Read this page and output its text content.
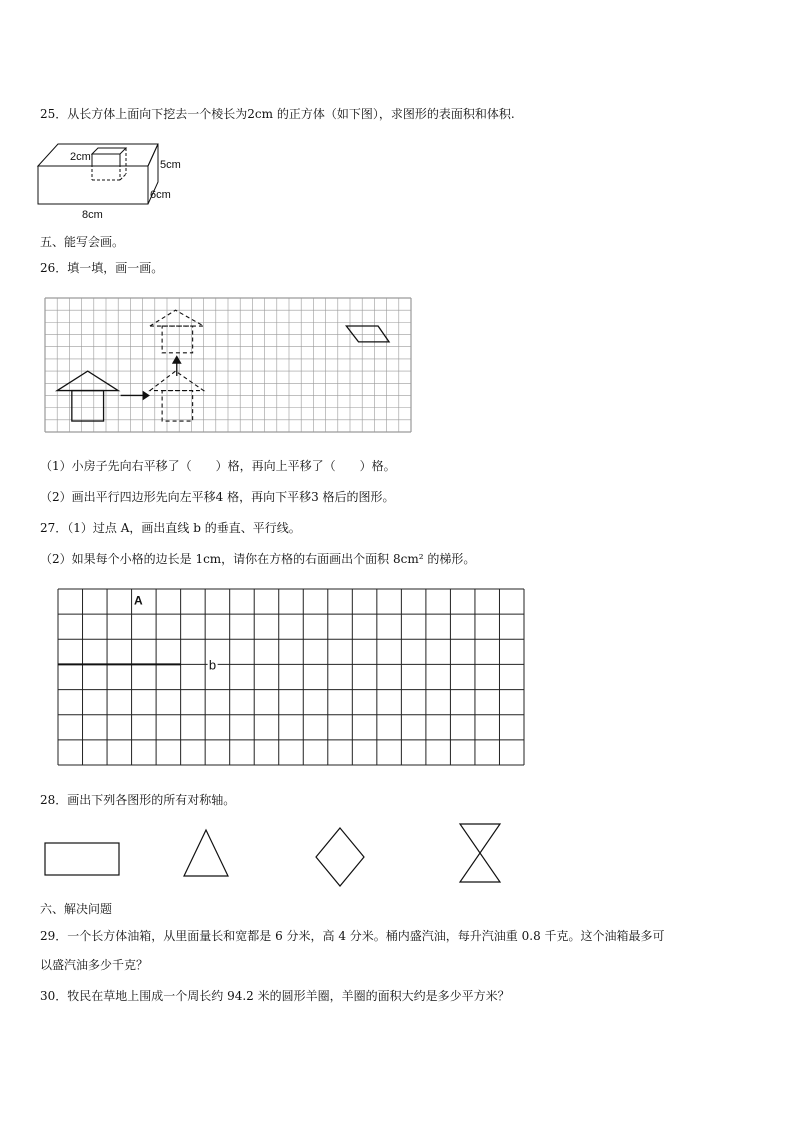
25．从长方体上面向下挖去一个棱长为2cm 的正方体（如下图），求图形的表面积和体积.
2cm
5cm
6cm
8cm
五、能写会画。
26．填一填，画一画。
（1）小房子先向右平移了（　　）格，再向上平移了（　　）格。
（2）画出平行四边形先向左平移4 格，再向下平移3 格后的图形。
27．（1）过点 A，画出直线 b 的垂直、平行线。
（2）如果每个小格的边长是 1cm，请你在方格的右面画出个面积 8cm² 的梯形。
A
b
28．画出下列各图形的所有对称轴。
六、解决问题
29．一个长方体油箱，从里面量长和宽都是 6 分米，高 4 分米。桶内盛汽油，每升汽油重 0.8 千克。这个油箱最多可
以盛汽油多少千克？
30．牧民在草地上围成一个周长约 94.2 米的圆形羊圈，羊圈的面积大约是多少平方米？
